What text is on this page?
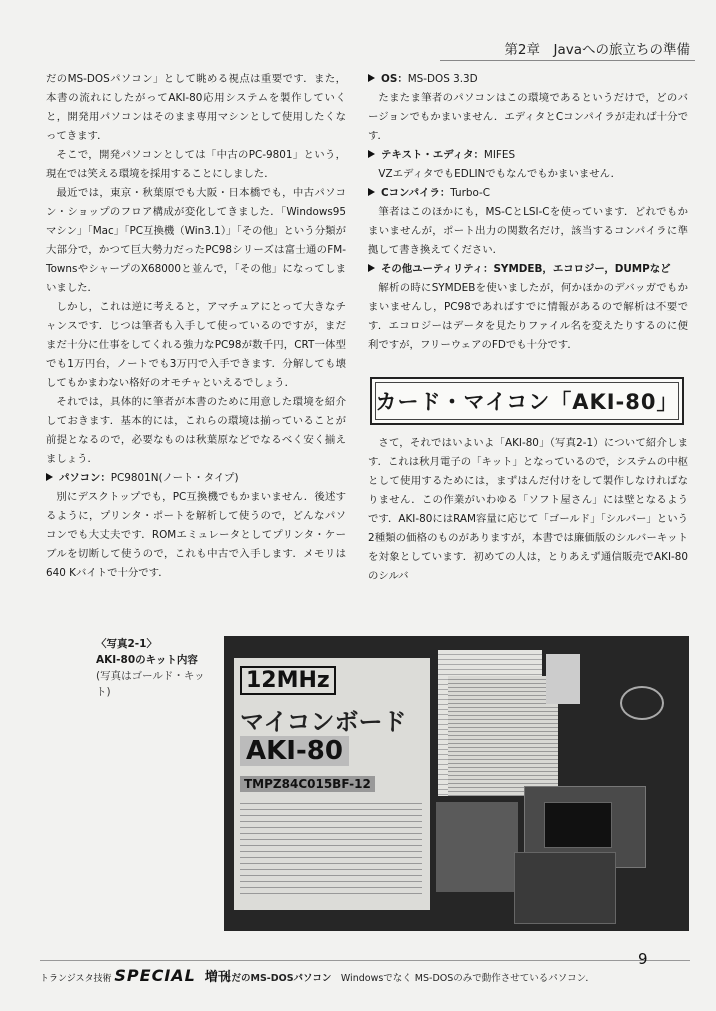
第2章　Javaへの旅立ちの準備

だのMS-DOSパソコン」として眺める視点は重要です．また，本書の流れにしたがってAKI-80応用システムを製作していくと，開発用パソコンはそのまま専用マシンとして使用したくなってきます．

そこで，開発パソコンとしては「中古のPC-9801」という，現在では笑える環境を採用することにしました．

最近では，東京・秋葉原でも大阪・日本橋でも，中古パソコン・ショップのフロア構成が変化してきました．「Windows95マシン」「Mac」「PC互換機（Win3.1）」「その他」という分類が大部分で，かつて巨大勢力だったPC98シリーズは富士通のFM-TownsやシャープのX68000と並んで，「その他」になってしまいました．

しかし，これは逆に考えると，アマチュアにとって大きなチャンスです．じつは筆者も入手して使っているのですが，まだまだ十分に仕事をしてくれる強力なPC98が数千円，CRT一体型でも1万円台，ノートでも3万円で入手できます．分解しても壊してもかまわない格好のオモチャといえるでしょう．

それでは，具体的に筆者が本書のために用意した環境を紹介しておきます．基本的には，これらの環境は揃っていることが前提となるので，必要なものは秋葉原などでなるべく安く揃えましょう．

パソコン：PC9801N(ノート・タイプ)

別にデスクトップでも，PC互換機でもかまいません．後述するように，プリンタ・ポートを解析して使うので，どんなパソコンでも大丈夫です．ROMエミュレータとしてプリンタ・ケーブルを切断して使うので，これも中古で入手します．メモリは640 Kバイトで十分です．

OS：MS-DOS 3.3D

たまたま筆者のパソコンはこの環境であるというだけで，どのバージョンでもかまいません．エディタとCコンパイラが走れば十分です．

テキスト・エディタ：MIFES

VZエディタでもEDLINでもなんでもかまいません．

Cコンパイラ：Turbo-C

筆者はこのほかにも，MS-CとLSI-Cを使っています．どれでもかまいませんが，ポート出力の関数名だけ，該当するコンパイラに準拠して書き換えてください．

その他ユーティリティ：SYMDEB，エコロジー，DUMPなど

解析の時にSYMDEBを使いましたが，何かほかのデバッガでもかまいませんし，PC98であればすでに情報があるので解析は不要です．エコロジーはデータを見たりファイル名を変えたりするのに便利ですが，フリーウェアのFDでも十分です．

カード・マイコン「AKI-80」

さて，それではいよいよ「AKI-80」（写真2-1）について紹介します．これは秋月電子の「キット」となっているので，システムの中枢として使用するためには，まずはんだ付けをして製作しなければなりません．この作業がいわゆる「ソフト屋さん」には壁となるようです．AKI-80にはRAM容量に応じて「ゴールド」「シルバー」という2種類の価格のものがありますが，本書では廉価版のシルバーキットを対象としています．初めての人は，とりあえず通信販売でAKI-80のシルバ

〈写真2-1〉
AKI-80のキット内容
(写真はゴールド・キット)	12MHz
マイコンボード
AKI-80
TMPZ84C015BF-12
トランジスタ技術 SPECIAL 増刊
ただのMS-DOSパソコン　 Windowsでなく MS-DOSのみで動作させているパソコン．
9
